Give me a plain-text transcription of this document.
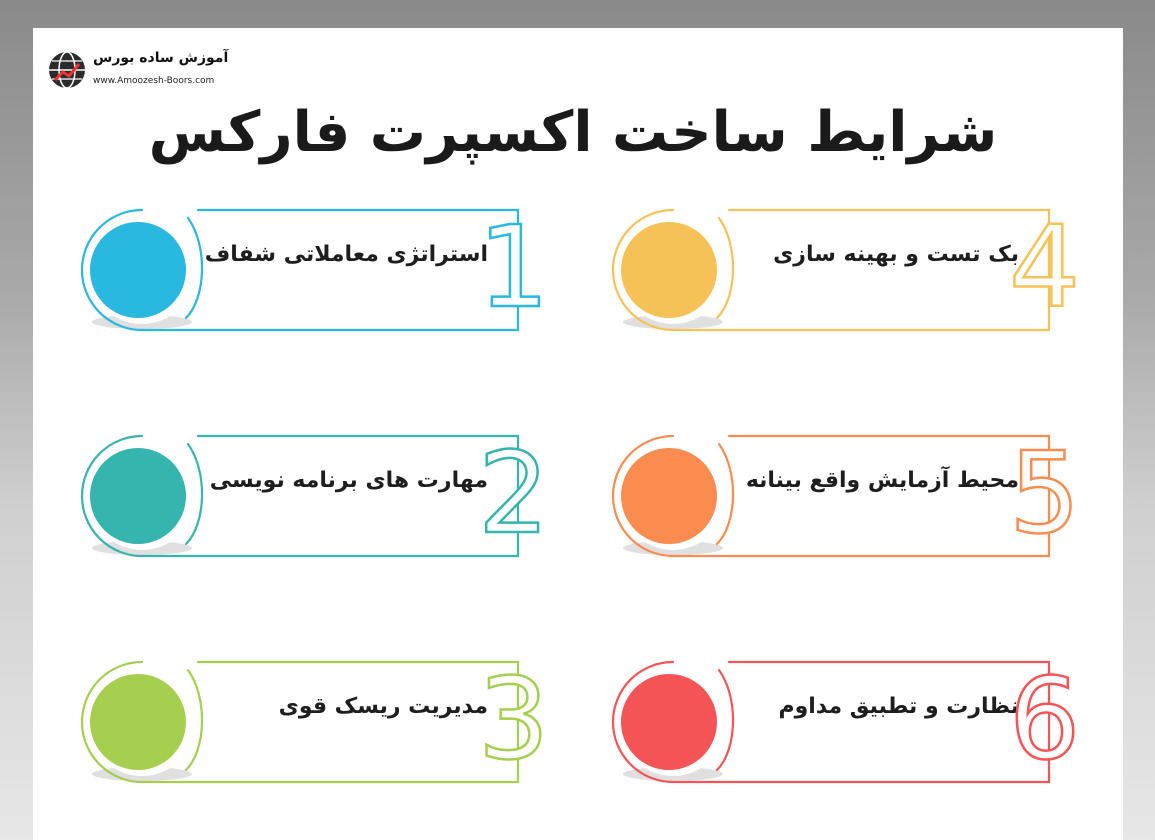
آموزش ساده بورس
www.Amoozesh-Boors.com
شرایط ساخت اکسپرت فارکس
استراتژی معاملاتی شفاف
1
مهارت های برنامه نویسی
2
مدیریت ریسک قوی
3
بک تست و بهینه سازی
4
محیط آزمایش واقع بینانه
5
نظارت و تطبیق مداوم
6
